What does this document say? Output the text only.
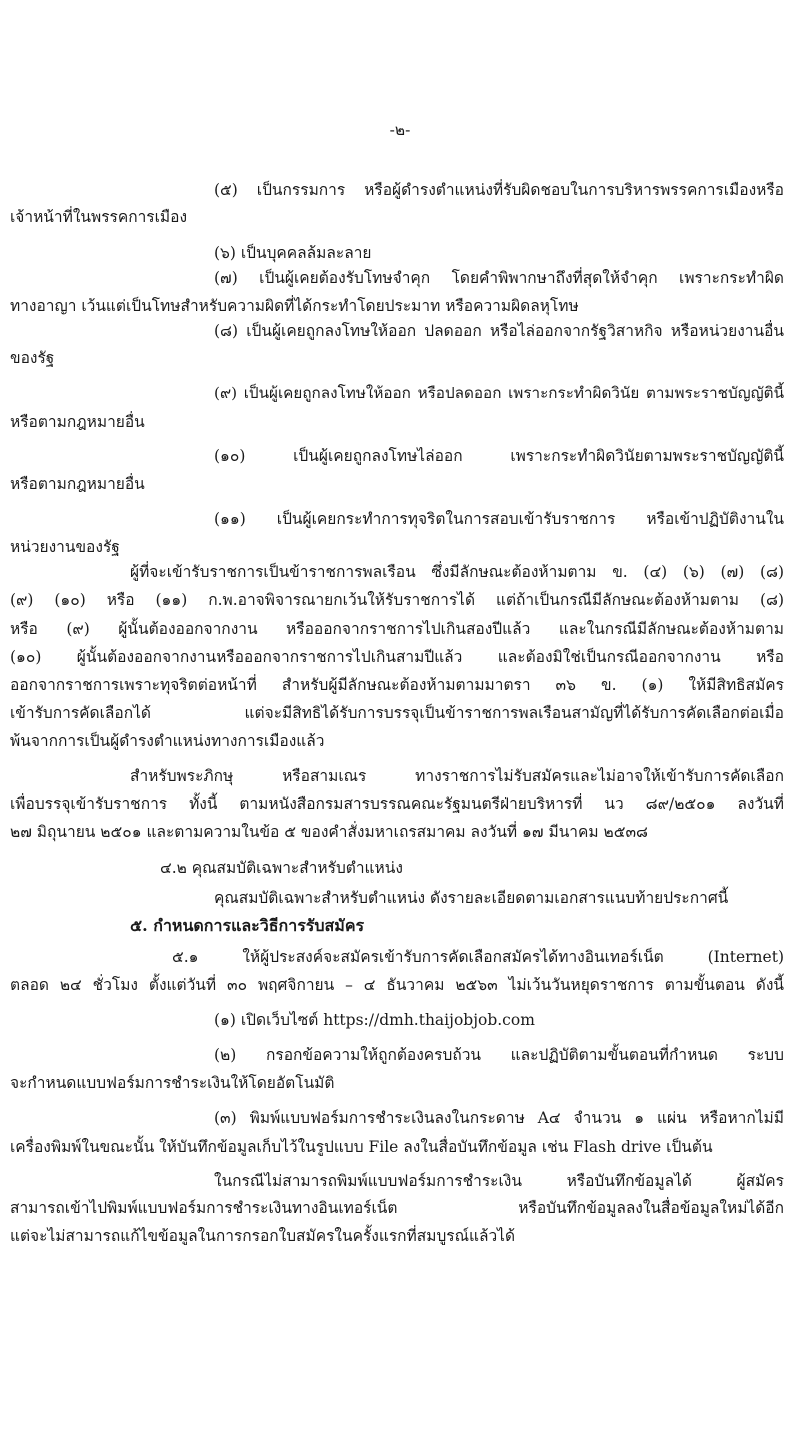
-๒-

(๕) เป็นกรรมการ หรือผู้ดำรงตำแหน่งที่รับผิดชอบในการบริหารพรรคการเมืองหรือ

เจ้าหน้าที่ในพรรคการเมือง

(๖) เป็นบุคคลล้มละลาย

(๗) เป็นผู้เคยต้องรับโทษจำคุก โดยคำพิพากษาถึงที่สุดให้จำคุก เพราะกระทำผิด

ทางอาญา เว้นแต่เป็นโทษสำหรับความผิดที่ได้กระทำโดยประมาท หรือความผิดลหุโทษ

(๘) เป็นผู้เคยถูกลงโทษให้ออก ปลดออก หรือไล่ออกจากรัฐวิสาหกิจ หรือหน่วยงานอื่น

ของรัฐ

(๙) เป็นผู้เคยถูกลงโทษให้ออก หรือปลดออก เพราะกระทำผิดวินัย ตามพระราชบัญญัตินี้

หรือตามกฎหมายอื่น

(๑๐) เป็นผู้เคยถูกลงโทษไล่ออก เพราะกระทำผิดวินัยตามพระราชบัญญัตินี้

หรือตามกฎหมายอื่น

(๑๑) เป็นผู้เคยกระทำการทุจริตในการสอบเข้ารับราชการ หรือเข้าปฏิบัติงานใน

หน่วยงานของรัฐ

ผู้ที่จะเข้ารับราชการเป็นข้าราชการพลเรือน ซึ่งมีลักษณะต้องห้ามตาม ข. (๔) (๖) (๗) (๘)

(๙) (๑๐) หรือ (๑๑) ก.พ.อาจพิจารณายกเว้นให้รับราชการได้ แต่ถ้าเป็นกรณีมีลักษณะต้องห้ามตาม (๘)

หรือ (๙) ผู้นั้นต้องออกจากงาน หรือออกจากราชการไปเกินสองปีแล้ว และในกรณีมีลักษณะต้องห้ามตาม

(๑๐) ผู้นั้นต้องออกจากงานหรือออกจากราชการไปเกินสามปีแล้ว และต้องมิใช่เป็นกรณีออกจากงาน หรือ

ออกจากราชการเพราะทุจริตต่อหน้าที่ สำหรับผู้มีลักษณะต้องห้ามตามมาตรา ๓๖ ข. (๑) ให้มีสิทธิสมัคร

เข้ารับการคัดเลือกได้ แต่จะมีสิทธิได้รับการบรรจุเป็นข้าราชการพลเรือนสามัญที่ได้รับการคัดเลือกต่อเมื่อ

พ้นจากการเป็นผู้ดำรงตำแหน่งทางการเมืองแล้ว

สำหรับพระภิกษุ หรือสามเณร ทางราชการไม่รับสมัครและไม่อาจให้เข้ารับการคัดเลือก

เพื่อบรรจุเข้ารับราชการ ทั้งนี้ ตามหนังสือกรมสารบรรณคณะรัฐมนตรีฝ่ายบริหารที่ นว ๘๙/๒๕๐๑ ลงวันที่

๒๗ มิถุนายน ๒๕๐๑ และตามความในข้อ ๕ ของคำสั่งมหาเถรสมาคม ลงวันที่ ๑๗ มีนาคม ๒๕๓๘

๔.๒ คุณสมบัติเฉพาะสำหรับตำแหน่ง

คุณสมบัติเฉพาะสำหรับตำแหน่ง ดังรายละเอียดตามเอกสารแนบท้ายประกาศนี้

๕. กำหนดการและวิธีการรับสมัคร

๕.๑ ให้ผู้ประสงค์จะสมัครเข้ารับการคัดเลือกสมัครได้ทางอินเทอร์เน็ต (Internet)

ตลอด ๒๔ ชั่วโมง ตั้งแต่วันที่ ๓๐ พฤศจิกายน – ๔ ธันวาคม ๒๕๖๓ ไม่เว้นวันหยุดราชการ ตามขั้นตอน ดังนี้

(๑) เปิดเว็บไซต์ https://dmh.thaijobjob.com

(๒) กรอกข้อความให้ถูกต้องครบถ้วน และปฏิบัติตามขั้นตอนที่กำหนด ระบบ

จะกำหนดแบบฟอร์มการชำระเงินให้โดยอัตโนมัติ

(๓) พิมพ์แบบฟอร์มการชำระเงินลงในกระดาษ A๔ จำนวน ๑ แผ่น หรือหากไม่มี

เครื่องพิมพ์ในขณะนั้น ให้บันทึกข้อมูลเก็บไว้ในรูปแบบ File ลงในสื่อบันทึกข้อมูล เช่น Flash drive เป็นต้น

ในกรณีไม่สามารถพิมพ์แบบฟอร์มการชำระเงิน หรือบันทึกข้อมูลได้ ผู้สมัคร

สามารถเข้าไปพิมพ์แบบฟอร์มการชำระเงินทางอินเทอร์เน็ต หรือบันทึกข้อมูลลงในสื่อข้อมูลใหม่ได้อีก

แต่จะไม่สามารถแก้ไขข้อมูลในการกรอกใบสมัครในครั้งแรกที่สมบูรณ์แล้วได้
